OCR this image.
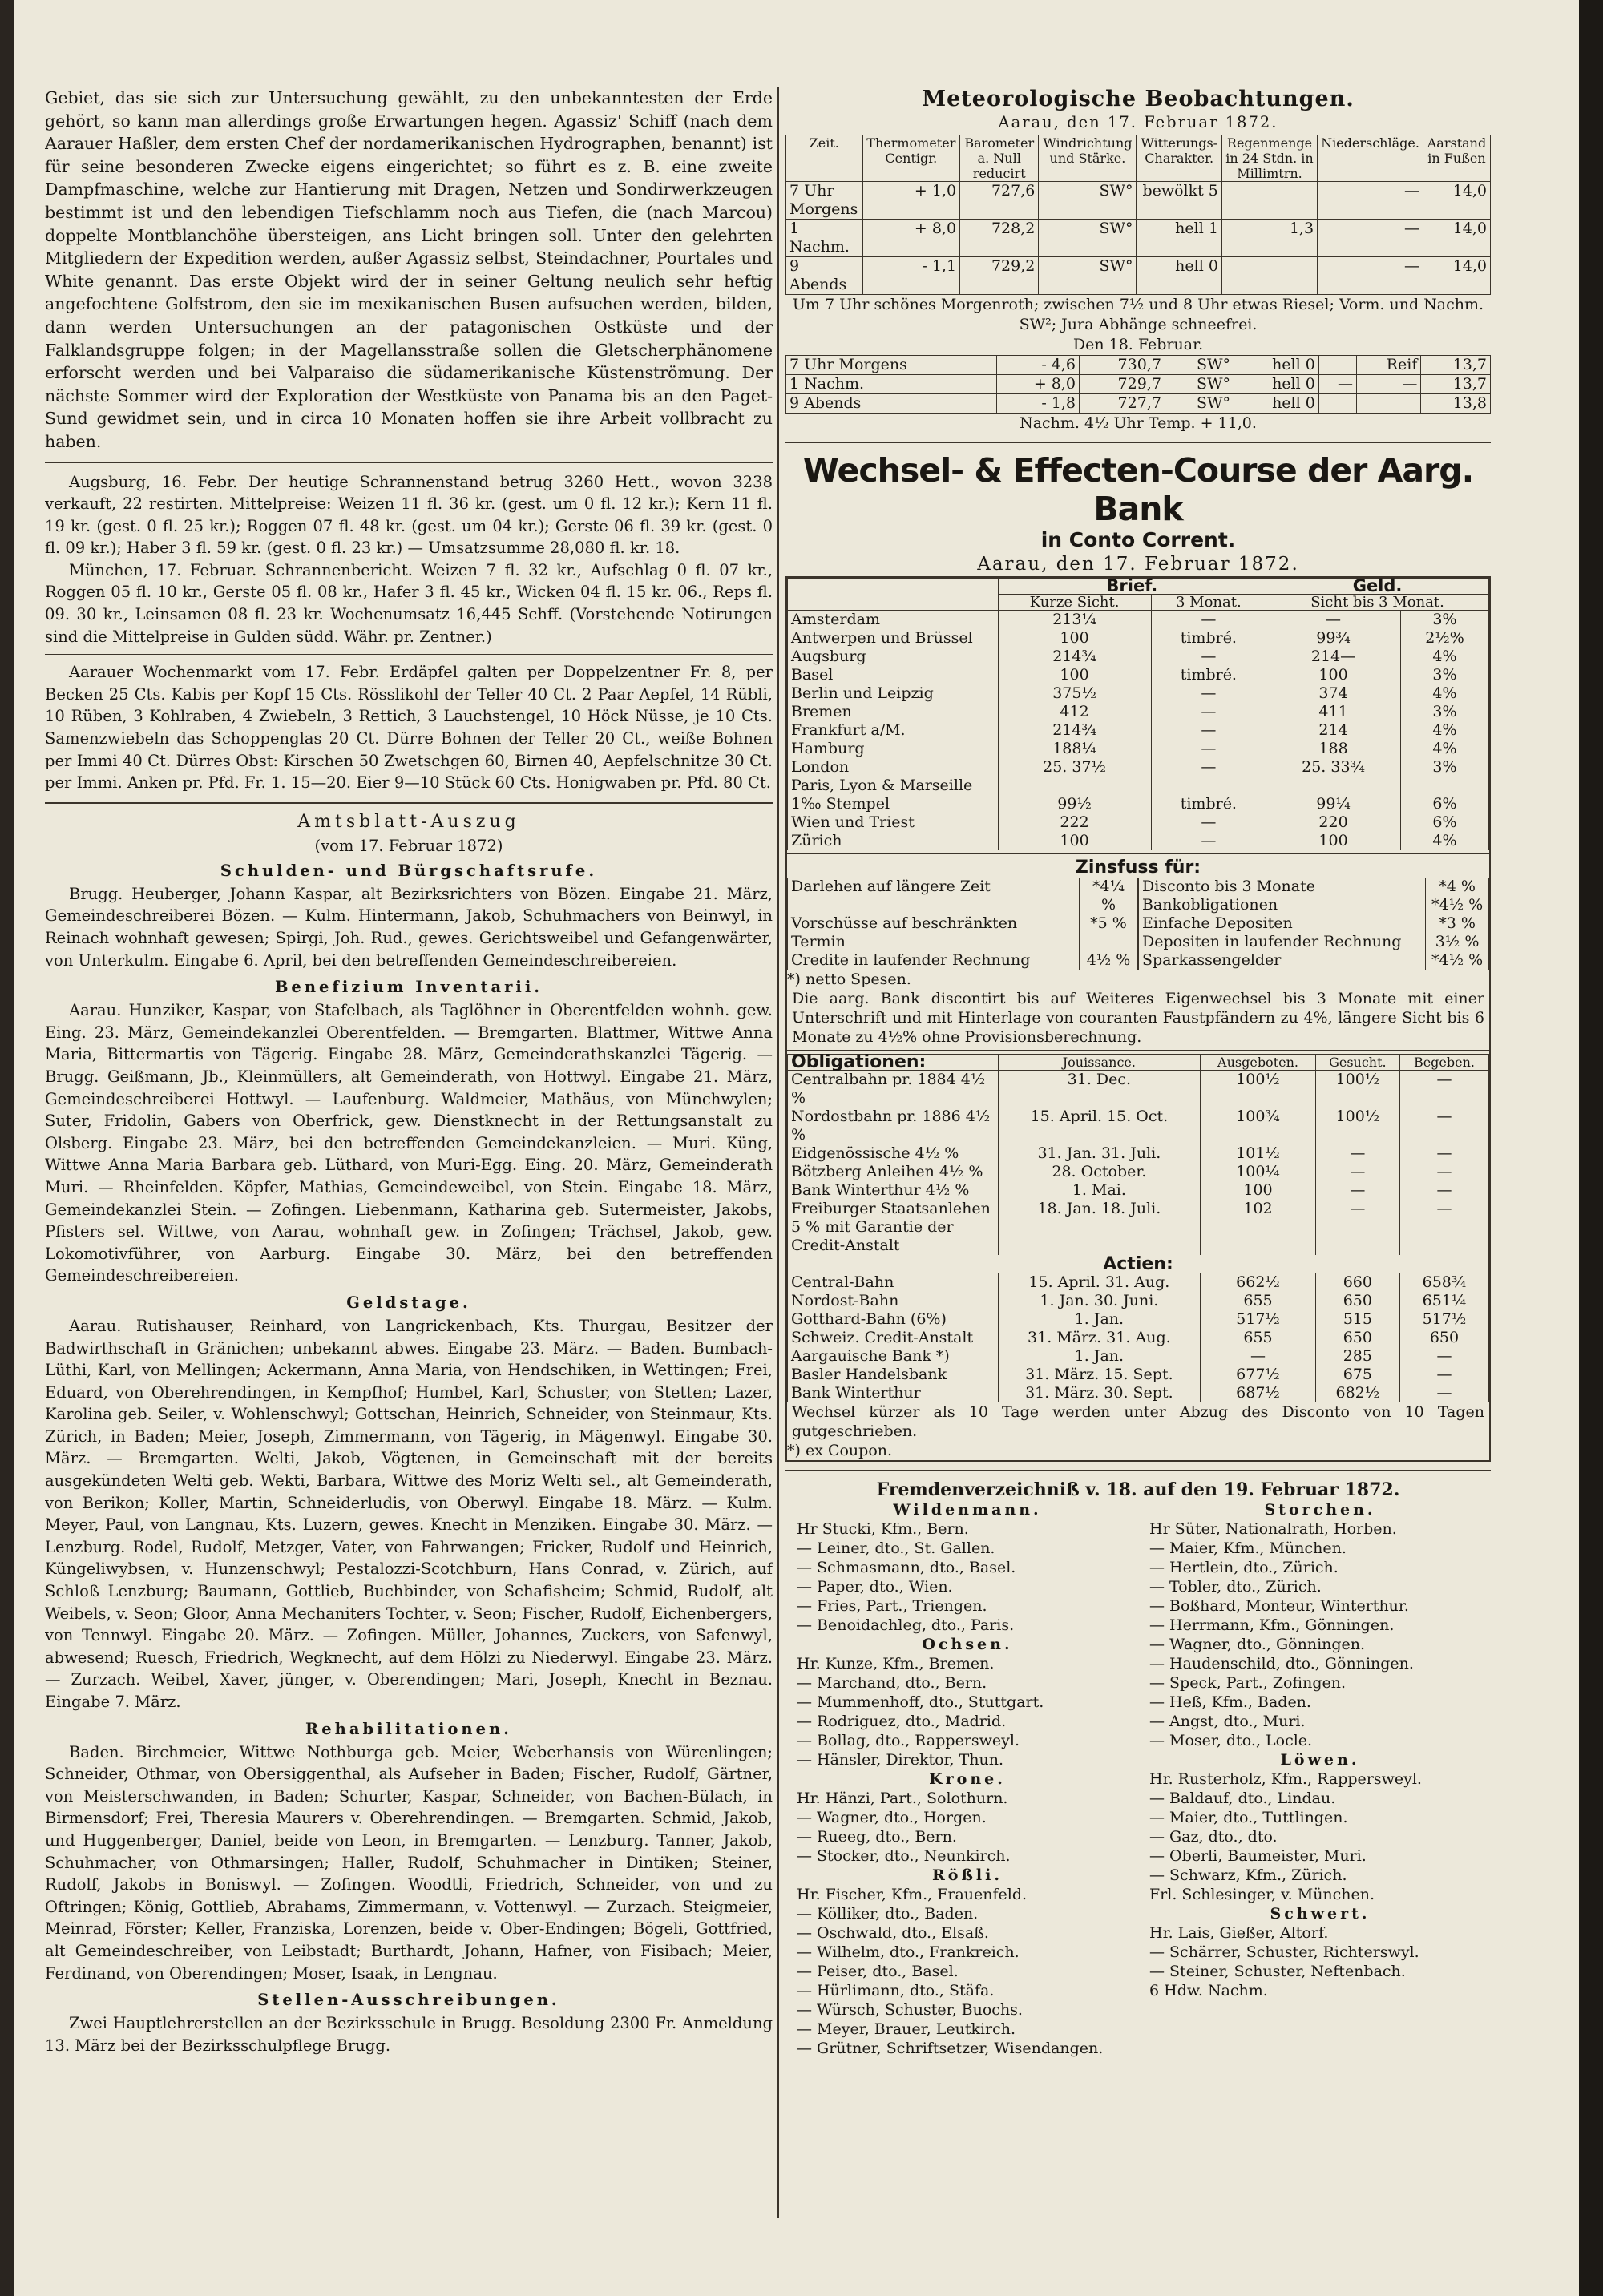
Gebiet, das sie sich zur Untersuchung gewählt, zu den unbekanntesten der Erde gehört, so kann man allerdings große Erwartungen hegen. Agassiz' Schiff (nach dem Aarauer Haßler, dem ersten Chef der nordamerikanischen Hydrographen, benannt) ist für seine besonderen Zwecke eigens eingerichtet; so führt es z. B. eine zweite Dampfmaschine, welche zur Hantierung mit Dragen, Netzen und Sondirwerkzeugen bestimmt ist und den lebendigen Tiefschlamm noch aus Tiefen, die (nach Marcou) doppelte Montblanchöhe übersteigen, ans Licht bringen soll. Unter den gelehrten Mitgliedern der Expedition werden, außer Agassiz selbst, Steindachner, Pourtales und White genannt. Das erste Objekt wird der in seiner Geltung neulich sehr heftig angefochtene Golfstrom, den sie im mexikanischen Busen aufsuchen werden, bilden, dann werden Untersuchungen an der patagonischen Ostküste und der Falklandsgruppe folgen; in der Magellansstraße sollen die Gletscherphänomene erforscht werden und bei Valparaiso die südamerikanische Küstenströmung. Der nächste Sommer wird der Exploration der Westküste von Panama bis an den Paget-Sund gewidmet sein, und in circa 10 Monaten hoffen sie ihre Arbeit vollbracht zu haben.

Augsburg, 16. Febr. Der heutige Schrannenstand betrug 3260 Hett., wovon 3238 verkauft, 22 restirten. Mittelpreise: Weizen 11 fl. 36 kr. (gest. um 0 fl. 12 kr.); Kern 11 fl. 19 kr. (gest. 0 fl. 25 kr.); Roggen 07 fl. 48 kr. (gest. um 04 kr.); Gerste 06 fl. 39 kr. (gest. 0 fl. 09 kr.); Haber 3 fl. 59 kr. (gest. 0 fl. 23 kr.) — Umsatzsumme 28,080 fl. kr. 18.

München, 17. Februar. Schrannenbericht. Weizen 7 fl. 32 kr., Aufschlag 0 fl. 07 kr., Roggen 05 fl. 10 kr., Gerste 05 fl. 08 kr., Hafer 3 fl. 45 kr., Wicken 04 fl. 15 kr. 06., Reps fl. 09. 30 kr., Leinsamen 08 fl. 23 kr. Wochenumsatz 16,445 Schff. (Vorstehende Notirungen sind die Mittelpreise in Gulden südd. Währ. pr. Zentner.)

Aarauer Wochenmarkt vom 17. Febr. Erdäpfel galten per Doppelzentner Fr. 8, per Becken 25 Cts. Kabis per Kopf 15 Cts. Rösslikohl der Teller 40 Ct. 2 Paar Aepfel, 14 Rübli, 10 Rüben, 3 Kohlraben, 4 Zwiebeln, 3 Rettich, 3 Lauchstengel, 10 Höck Nüsse, je 10 Cts. Samenzwiebeln das Schoppenglas 20 Ct. Dürre Bohnen der Teller 20 Ct., weiße Bohnen per Immi 40 Ct. Dürres Obst: Kirschen 50 Zwetschgen 60, Birnen 40, Aepfelschnitze 30 Ct. per Immi. Anken pr. Pfd. Fr. 1. 15—20. Eier 9—10 Stück 60 Cts. Honigwaben pr. Pfd. 80 Ct.

Amtsblatt-Auszug
(vom 17. Februar 1872)
Schulden- und Bürgschaftsrufe.

Brugg. Heuberger, Johann Kaspar, alt Bezirksrichters von Bözen. Eingabe 21. März, Gemeindeschreiberei Bözen. — Kulm. Hintermann, Jakob, Schuhmachers von Beinwyl, in Reinach wohnhaft gewesen; Spirgi, Joh. Rud., gewes. Gerichtsweibel und Gefangenwärter, von Unterkulm. Eingabe 6. April, bei den betreffenden Gemeindeschreibereien.

Benefizium Inventarii.

Aarau. Hunziker, Kaspar, von Stafelbach, als Taglöhner in Oberentfelden wohnh. gew. Eing. 23. März, Gemeindekanzlei Oberentfelden. — Bremgarten. Blattmer, Wittwe Anna Maria, Bittermartis von Tägerig. Eingabe 28. März, Gemeinderathskanzlei Tägerig. — Brugg. Geißmann, Jb., Kleinmüllers, alt Gemeinderath, von Hottwyl. Eingabe 21. März, Gemeindeschreiberei Hottwyl. — Laufenburg. Waldmeier, Mathäus, von Münchwylen; Suter, Fridolin, Gabers von Oberfrick, gew. Dienstknecht in der Rettungsanstalt zu Olsberg. Eingabe 23. März, bei den betreffenden Gemeindekanzleien. — Muri. Küng, Wittwe Anna Maria Barbara geb. Lüthard, von Muri-Egg. Eing. 20. März, Gemeinderath Muri. — Rheinfelden. Köpfer, Mathias, Gemeindeweibel, von Stein. Eingabe 18. März, Gemeindekanzlei Stein. — Zofingen. Liebenmann, Katharina geb. Sutermeister, Jakobs, Pfisters sel. Wittwe, von Aarau, wohnhaft gew. in Zofingen; Trächsel, Jakob, gew. Lokomotivführer, von Aarburg. Eingabe 30. März, bei den betreffenden Gemeindeschreibereien.

Geldstage.

Aarau. Rutishauser, Reinhard, von Langrickenbach, Kts. Thurgau, Besitzer der Badwirthschaft in Gränichen; unbekannt abwes. Eingabe 23. März. — Baden. Bumbach-Lüthi, Karl, von Mellingen; Ackermann, Anna Maria, von Hendschiken, in Wettingen; Frei, Eduard, von Oberehrendingen, in Kempfhof; Humbel, Karl, Schuster, von Stetten; Lazer, Karolina geb. Seiler, v. Wohlenschwyl; Gottschan, Heinrich, Schneider, von Steinmaur, Kts. Zürich, in Baden; Meier, Joseph, Zimmermann, von Tägerig, in Mägenwyl. Eingabe 30. März. — Bremgarten. Welti, Jakob, Vögtenen, in Gemeinschaft mit der bereits ausgekündeten Welti geb. Wekti, Barbara, Wittwe des Moriz Welti sel., alt Gemeinderath, von Berikon; Koller, Martin, Schneiderludis, von Oberwyl. Eingabe 18. März. — Kulm. Meyer, Paul, von Langnau, Kts. Luzern, gewes. Knecht in Menziken. Eingabe 30. März. — Lenzburg. Rodel, Rudolf, Metzger, Vater, von Fahrwangen; Fricker, Rudolf und Heinrich, Küngeliwybsen, v. Hunzenschwyl; Pestalozzi-Scotchburn, Hans Conrad, v. Zürich, auf Schloß Lenzburg; Baumann, Gottlieb, Buchbinder, von Schafisheim; Schmid, Rudolf, alt Weibels, v. Seon; Gloor, Anna Mechaniters Tochter, v. Seon; Fischer, Rudolf, Eichenbergers, von Tennwyl. Eingabe 20. März. — Zofingen. Müller, Johannes, Zuckers, von Safenwyl, abwesend; Ruesch, Friedrich, Wegknecht, auf dem Hölzi zu Niederwyl. Eingabe 23. März. — Zurzach. Weibel, Xaver, jünger, v. Oberendingen; Mari, Joseph, Knecht in Beznau. Eingabe 7. März.

Rehabilitationen.

Baden. Birchmeier, Wittwe Nothburga geb. Meier, Weberhansis von Würenlingen; Schneider, Othmar, von Obersiggenthal, als Aufseher in Baden; Fischer, Rudolf, Gärtner, von Meisterschwanden, in Baden; Schurter, Kaspar, Schneider, von Bachen-Bülach, in Birmensdorf; Frei, Theresia Maurers v. Oberehrendingen. — Bremgarten. Schmid, Jakob, und Huggenberger, Daniel, beide von Leon, in Bremgarten. — Lenzburg. Tanner, Jakob, Schuhmacher, von Othmarsingen; Haller, Rudolf, Schuhmacher in Dintiken; Steiner, Rudolf, Jakobs in Boniswyl. — Zofingen. Woodtli, Friedrich, Schneider, von und zu Oftringen; König, Gottlieb, Abrahams, Zimmermann, v. Vottenwyl. — Zurzach. Steigmeier, Meinrad, Förster; Keller, Franziska, Lorenzen, beide v. Ober-Endingen; Bögeli, Gottfried, alt Gemeindeschreiber, von Leibstadt; Burthardt, Johann, Hafner, von Fisibach; Meier, Ferdinand, von Oberendingen; Moser, Isaak, in Lengnau.

Stellen-Ausschreibungen.

Zwei Hauptlehrerstellen an der Bezirksschule in Brugg. Besoldung 2300 Fr. Anmeldung 13. März bei der Bezirksschulpflege Brugg.

Meteorologische Beobachtungen.
Aarau, den 17. Februar 1872.
Zeit.	Thermometer Centigr.	Barometer a. Null reducirt	Windrichtung und Stärke.	Witterungs-Charakter.	Regenmenge in 24 Stdn. in Millimtrn.	Niederschläge.	Aarstand in Fußen
7 Uhr Morgens	+ 1,0	727,6	SW°	bewölkt 5		—	14,0
1 Nachm.	+ 8,0	728,2	SW°	hell 1	1,3	—	14,0
9 Abends	- 1,1	729,2	SW°	hell 0		—	14,0
Um 7 Uhr schönes Morgenroth; zwischen 7½ und 8 Uhr etwas Riesel; Vorm. und Nachm. SW²; Jura Abhänge schneefrei.
Den 18. Februar.
7 Uhr Morgens	- 4,6	730,7	SW°	hell 0		Reif	13,7
1 Nachm.	+ 8,0	729,7	SW°	hell 0	—	—	13,7
9 Abends	- 1,8	727,7	SW°	hell 0			13,8
Nachm. 4½ Uhr Temp. + 11,0.
Wechsel- & Effecten-Course der Aarg. Bank
in Conto Corrent.
Aarau, den 17. Februar 1872.
	Brief.		Geld.	
	Kurze Sicht.	3 Monat.	Sicht bis 3 Monat.	
Amsterdam	213¼	—	—	3%
Antwerpen und Brüssel	100	timbré.	99¾	2½%
Augsburg	214¾	—	214—	4%
Basel	100	timbré.	100	3%
Berlin und Leipzig	375½	—	374	4%
Bremen	412	—	411	3%
Frankfurt a/M.	214¾	—	214	4%
Hamburg	188¼	—	188	4%
London	25. 37½	—	25. 33¾	3%
Paris, Lyon & Marseille				
1‰ Stempel	99½	timbré.	99¼	6%
Wien und Triest	222	—	220	6%
Zürich	100	—	100	4%
Zinsfuss für:
Darlehen auf längere Zeit	*4¼ %
Vorschüsse auf beschränkten Termin	*5 %
Credite in laufender Rechnung	4½ %
Disconto bis 3 Monate	*4 %
Bankobligationen	*4½ %
Einfache Depositen	*3 %
Depositen in laufender Rechnung	3½ %
Sparkassengelder	*4½ %
*) netto Spesen.
Die aarg. Bank discontirt bis auf Weiteres Eigenwechsel bis 3 Monate mit einer Unterschrift und mit Hinterlage von couranten Faustpfändern zu 4%, längere Sicht bis 6 Monate zu 4½% ohne Provisionsberechnung.
Obligationen:	Jouissance.	Ausgeboten.	Gesucht.	Begeben.
Centralbahn pr. 1884 4½ %	31. Dec.	100½	100½	—
Nordostbahn pr. 1886 4½ %	15. April. 15. Oct.	100¾	100½	—
Eidgenössische 4½ %	31. Jan. 31. Juli.	101½	—	—
Bötzberg Anleihen 4½ %	28. October.	100¼	—	—
Bank Winterthur 4½ %	1. Mai.	100	—	—
Freiburger Staatsanlehen 5 % mit Garantie der Credit-Anstalt	18. Jan. 18. Juli.	102	—	—
Actien:				
Central-Bahn	15. April. 31. Aug.	662½	660	658¾
Nordost-Bahn	1. Jan. 30. Juni.	655	650	651¼
Gotthard-Bahn (6%)	1. Jan.	517½	515	517½
Schweiz. Credit-Anstalt	31. März. 31. Aug.	655	650	650
Aargauische Bank *)	1. Jan.	—	285	—
Basler Handelsbank	31. März. 15. Sept.	677½	675	—
Bank Winterthur	31. März. 30. Sept.	687½	682½	—
Wechsel kürzer als 10 Tage werden unter Abzug des Disconto von 10 Tagen gutgeschrieben.
*) ex Coupon.
Fremdenverzeichniß v. 18. auf den 19. Februar 1872.
Wildenmann.
Hr Stucki, Kfm., Bern.
— Leiner, dto., St. Gallen.
— Schmasmann, dto., Basel.
— Paper, dto., Wien.
— Fries, Part., Triengen.
— Benoidachleg, dto., Paris.
Ochsen.
Hr. Kunze, Kfm., Bremen.
— Marchand, dto., Bern.
— Mummenhoff, dto., Stuttgart.
— Rodriguez, dto., Madrid.
— Bollag, dto., Rappersweyl.
— Hänsler, Direktor, Thun.
Krone.
Hr. Hänzi, Part., Solothurn.
— Wagner, dto., Horgen.
— Rueeg, dto., Bern.
— Stocker, dto., Neunkirch.
Rößli.
Hr. Fischer, Kfm., Frauenfeld.
— Kölliker, dto., Baden.
— Oschwald, dto., Elsaß.
— Wilhelm, dto., Frankreich.
— Peiser, dto., Basel.
— Hürlimann, dto., Stäfa.
— Würsch, Schuster, Buochs.
— Meyer, Brauer, Leutkirch.
— Grütner, Schriftsetzer, Wisendangen.
Storchen.
Hr Süter, Nationalrath, Horben.
— Maier, Kfm., München.
— Hertlein, dto., Zürich.
— Tobler, dto., Zürich.
— Boßhard, Monteur, Winterthur.
— Herrmann, Kfm., Gönningen.
— Wagner, dto., Gönningen.
— Haudenschild, dto., Gönningen.
— Speck, Part., Zofingen.
— Heß, Kfm., Baden.
— Angst, dto., Muri.
— Moser, dto., Locle.
Löwen.
Hr. Rusterholz, Kfm., Rappersweyl.
— Baldauf, dto., Lindau.
— Maier, dto., Tuttlingen.
— Gaz, dto., dto.
— Oberli, Baumeister, Muri.
— Schwarz, Kfm., Zürich.
Frl. Schlesinger, v. München.
Schwert.
Hr. Lais, Gießer, Altorf.
— Schärrer, Schuster, Richterswyl.
— Steiner, Schuster, Neftenbach.
6 Hdw. Nachm.
